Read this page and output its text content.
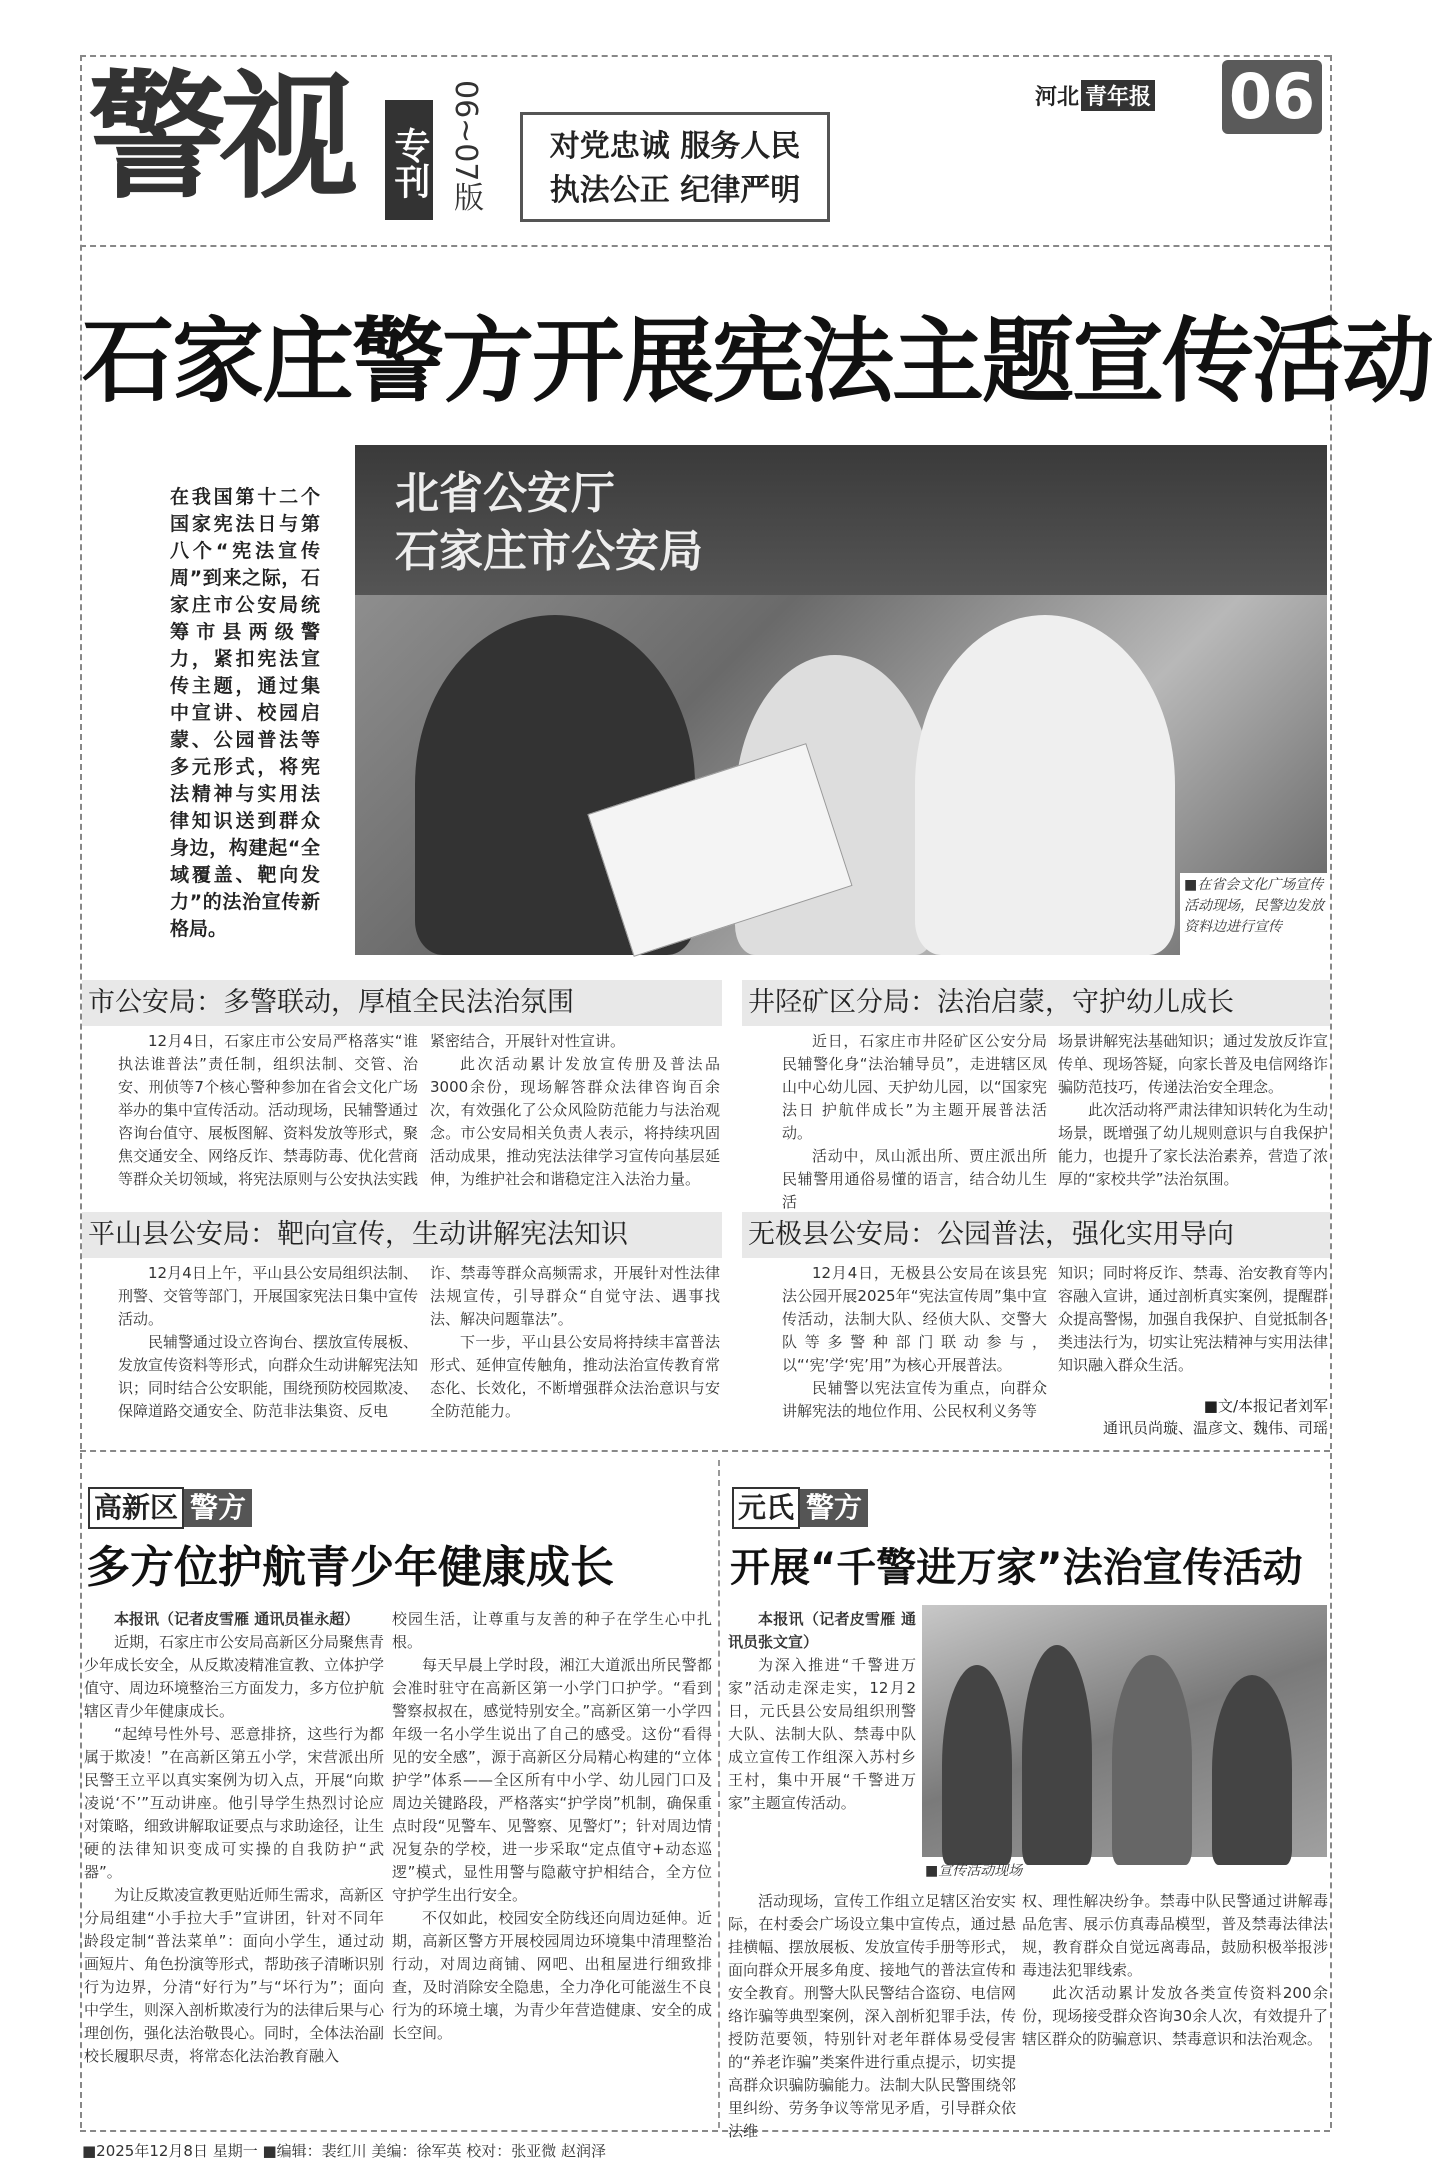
警视	专刊 06~07版	对党忠诚 服务人民
执法公正 纪律严明
河北 青年报	06
石家庄警方开展宪法主题宣传活动
北省公安厅
石家庄市公安局
■在省会文化广场宣传活动现场，民警边发放资料边进行宣传
在我国第十二个国家宪法日与第八个“宪法宣传周”到来之际，石家庄市公安局统筹市县两级警力，紧扣宪法宣传主题，通过集中宣讲、校园启蒙、公园普法等多元形式，将宪法精神与实用法律知识送到群众身边，构建起“全域覆盖、靶向发力”的法治宣传新格局。
市公安局：多警联动，厚植全民法治氛围

12月4日，石家庄市公安局严格落实“谁执法谁普法”责任制，组织法制、交管、治安、刑侦等7个核心警种参加在省会文化广场举办的集中宣传活动。活动现场，民辅警通过咨询台值守、展板图解、资料发放等形式，聚焦交通安全、网络反诈、禁毒防毒、优化营商等群众关切领域，将宪法原则与公安执法实践

紧密结合，开展针对性宣讲。

此次活动累计发放宣传册及普法品3000余份，现场解答群众法律咨询百余次，有效强化了公众风险防范能力与法治观念。市公安局相关负责人表示，将持续巩固活动成果，推动宪法法律学习宣传向基层延伸，为维护社会和谐稳定注入法治力量。

井陉矿区分局：法治启蒙，守护幼儿成长

近日，石家庄市井陉矿区公安分局民辅警化身“法治辅导员”，走进辖区凤山中心幼儿园、天护幼儿园，以“国家宪法日 护航伴成长”为主题开展普法活动。

活动中，凤山派出所、贾庄派出所民辅警用通俗易懂的语言，结合幼儿生活

场景讲解宪法基础知识；通过发放反诈宣传单、现场答疑，向家长普及电信网络诈骗防范技巧，传递法治安全理念。

此次活动将严肃法律知识转化为生动场景，既增强了幼儿规则意识与自我保护能力，也提升了家长法治素养，营造了浓厚的“家校共学”法治氛围。

平山县公安局：靶向宣传，生动讲解宪法知识

12月4日上午，平山县公安局组织法制、刑警、交管等部门，开展国家宪法日集中宣传活动。

民辅警通过设立咨询台、摆放宣传展板、发放宣传资料等形式，向群众生动讲解宪法知识；同时结合公安职能，围绕预防校园欺凌、保障道路交通安全、防范非法集资、反电

诈、禁毒等群众高频需求，开展针对性法律法规宣传，引导群众“自觉守法、遇事找法、解决问题靠法”。

下一步，平山县公安局将持续丰富普法形式、延伸宣传触角，推动法治宣传教育常态化、长效化，不断增强群众法治意识与安全防范能力。

无极县公安局：公园普法，强化实用导向

12月4日，无极县公安局在该县宪法公园开展2025年“宪法宣传周”集中宣传活动，法制大队、经侦大队、交警大队等多警种部门联动参与，以“‘宪’学‘宪’用”为核心开展普法。

民辅警以宪法宣传为重点，向群众讲解宪法的地位作用、公民权利义务等

知识；同时将反诈、禁毒、治安教育等内容融入宣讲，通过剖析真实案例，提醒群众提高警惕，加强自我保护、自觉抵制各类违法行为，切实让宪法精神与实用法律知识融入群众生活。

■文/本报记者刘军
通讯员尚璇、温彦文、魏伟、司瑶
高新区 警方
多方位护航青少年健康成长

本报讯（记者皮雪雁 通讯员崔永超）

近期，石家庄市公安局高新区分局聚焦青少年成长安全，从反欺凌精准宣教、立体护学值守、周边环境整治三方面发力，多方位护航辖区青少年健康成长。

“起绰号性外号、恶意排挤，这些行为都属于欺凌！”在高新区第五小学，宋营派出所民警王立平以真实案例为切入点，开展“向欺凌说‘不’”互动讲座。他引导学生热烈讨论应对策略，细致讲解取证要点与求助途径，让生硬的法律知识变成可实操的自我防护“武器”。

为让反欺凌宣教更贴近师生需求，高新区分局组建“小手拉大手”宣讲团，针对不同年龄段定制“普法菜单”：面向小学生，通过动画短片、角色扮演等形式，帮助孩子清晰识别行为边界，分清“好行为”与“坏行为”；面向中学生，则深入剖析欺凌行为的法律后果与心理创伤，强化法治敬畏心。同时，全体法治副校长履职尽责，将常态化法治教育融入

校园生活，让尊重与友善的种子在学生心中扎根。

每天早晨上学时段，湘江大道派出所民警都会准时驻守在高新区第一小学门口护学。“看到警察叔叔在，感觉特别安全。”高新区第一小学四年级一名小学生说出了自己的感受。这份“看得见的安全感”，源于高新区分局精心构建的“立体护学”体系——全区所有中小学、幼儿园门口及周边关键路段，严格落实“护学岗”机制，确保重点时段“见警车、见警察、见警灯”；针对周边情况复杂的学校，进一步采取“定点值守+动态巡逻”模式，显性用警与隐蔽守护相结合，全方位守护学生出行安全。

不仅如此，校园安全防线还向周边延伸。近期，高新区警方开展校园周边环境集中清理整治行动，对周边商铺、网吧、出租屋进行细致排查，及时消除安全隐患，全力净化可能滋生不良行为的环境土壤，为青少年营造健康、安全的成长空间。

元氏 警方
开展“千警进万家”法治宣传活动

本报讯（记者皮雪雁 通讯员张文宣）

为深入推进“千警进万家”活动走深走实，12月2日，元氏县公安局组织刑警大队、法制大队、禁毒中队成立宣传工作组深入苏村乡王村，集中开展“千警进万家”主题宣传活动。

■宣传活动现场

活动现场，宣传工作组立足辖区治安实际，在村委会广场设立集中宣传点，通过悬挂横幅、摆放展板、发放宣传手册等形式，面向群众开展多角度、接地气的普法宣传和安全教育。刑警大队民警结合盗窃、电信网络诈骗等典型案例，深入剖析犯罪手法，传授防范要领，特别针对老年群体易受侵害的“养老诈骗”类案件进行重点提示，切实提高群众识骗防骗能力。法制大队民警围绕邻里纠纷、劳务争议等常见矛盾，引导群众依法维

权、理性解决纷争。禁毒中队民警通过讲解毒品危害、展示仿真毒品模型，普及禁毒法律法规，教育群众自觉远离毒品，鼓励积极举报涉毒违法犯罪线索。

此次活动累计发放各类宣传资料200余份，现场接受群众咨询30余人次，有效提升了辖区群众的防骗意识、禁毒意识和法治观念。

■2025年12月8日 星期一 ■编辑：裴红川 美编：徐军英 校对：张亚微 赵润泽
